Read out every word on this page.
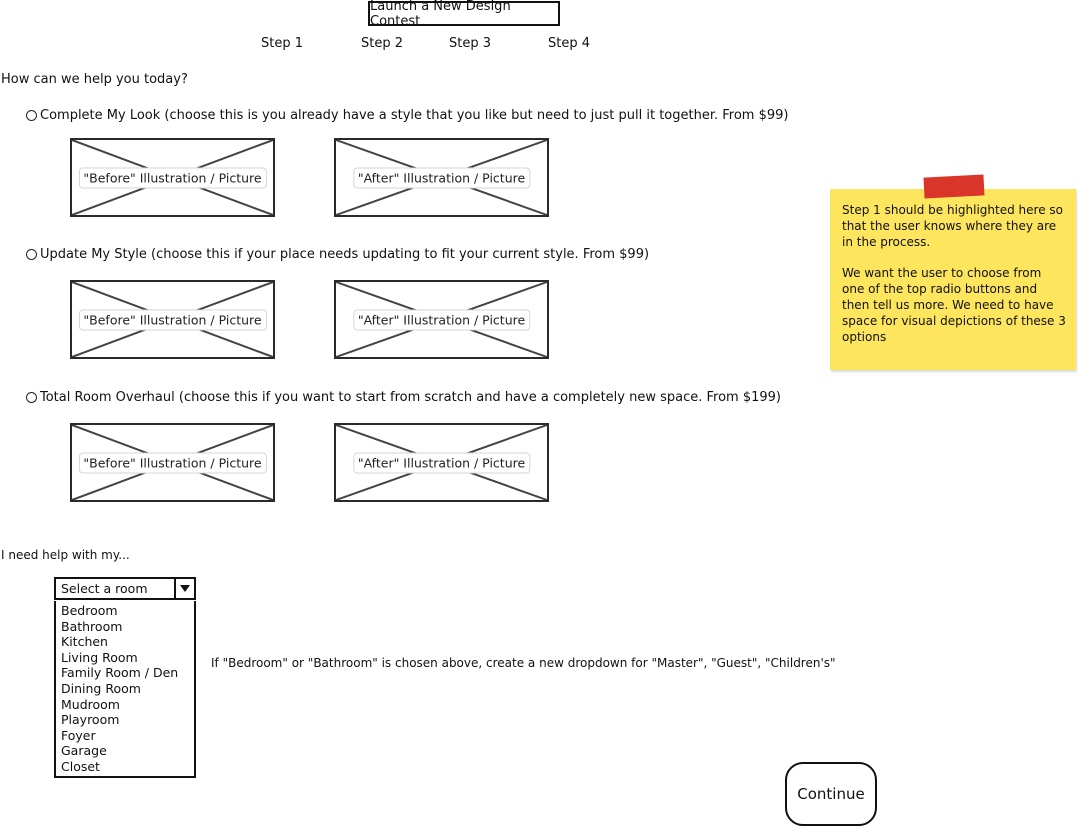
Launch a New Design Contest
Step 1	Step 2	Step 3	Step 4
How can we help you today?
Complete My Look (choose this is you already have a style that you like but need to just pull it together. From $99)
"Before" Illustration / Picture	"After" Illustration / Picture
Update My Style (choose this if your place needs updating to fit your current style. From $99)
"Before" Illustration / Picture	"After" Illustration / Picture
Total Room Overhaul (choose this if you want to start from scratch and have a completely new space. From $199)
"Before" Illustration / Picture	"After" Illustration / Picture
I need help with my...
Select a room
Bedroom
Bathroom
Kitchen
Living Room
Family Room / Den
Dining Room
Mudroom
Playroom
Foyer
Garage
Closet
If "Bedroom" or "Bathroom" is chosen above, create a new dropdown for "Master", "Guest", "Children's"
Step 1 should be highlighted here so that the user knows where they are in the process.
We want the user to choose from one of the top radio buttons and then tell us more. We need to have space for visual depictions of these 3 options
Continue
